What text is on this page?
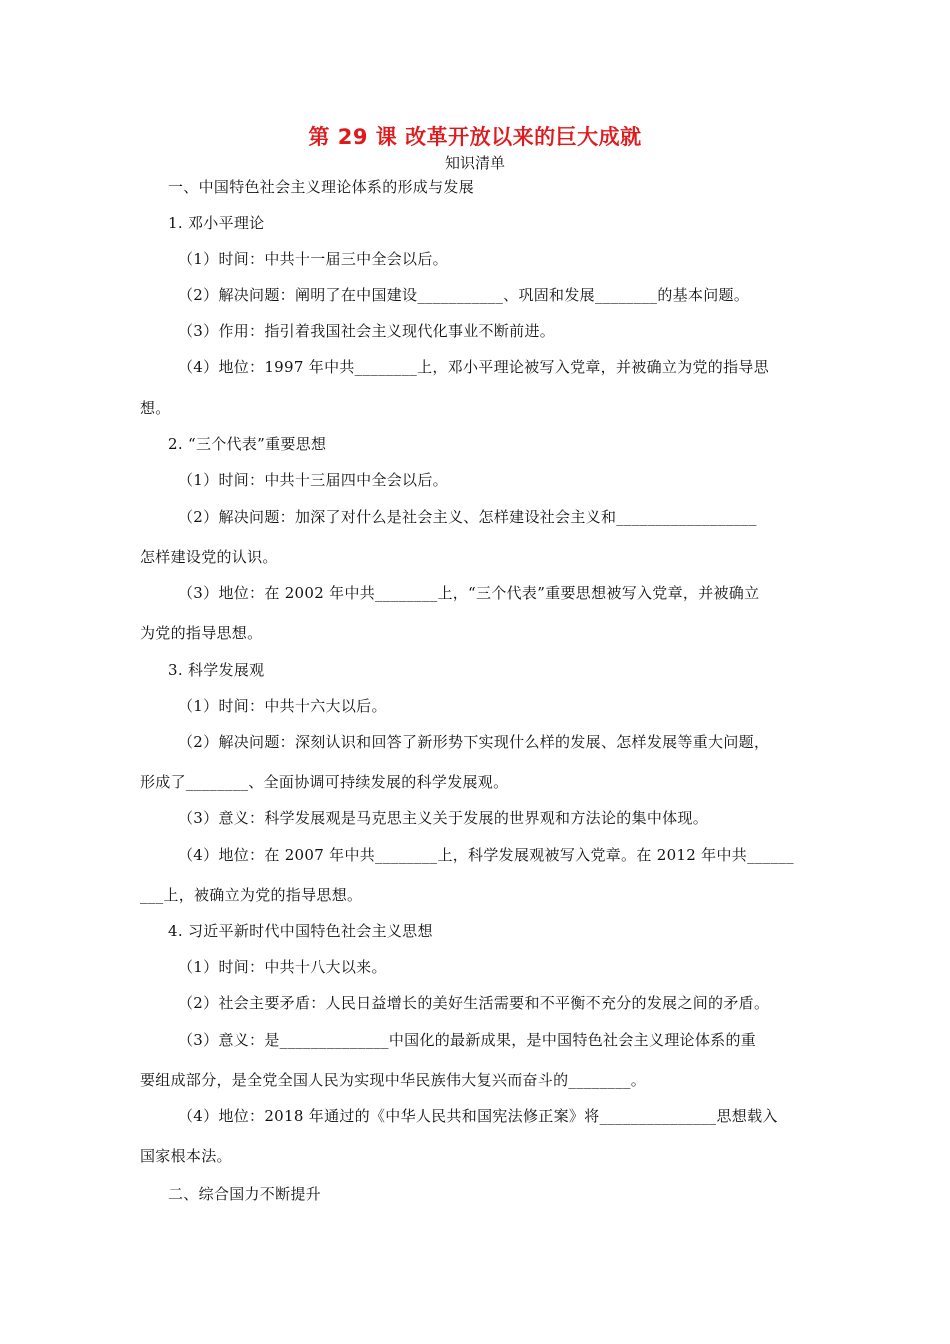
第 29 课 改革开放以来的巨大成就
知识清单
一、中国特色社会主义理论体系的形成与发展
1. 邓小平理论
（1）时间：中共十一届三中全会以后。
（2）解决问题：阐明了在中国建设___________、巩固和发展________的基本问题。
（3）作用：指引着我国社会主义现代化事业不断前进。
（4）地位：1997 年中共________上，邓小平理论被写入党章，并被确立为党的指导思
想。
2. “三个代表”重要思想
（1）时间：中共十三届四中全会以后。
（2）解决问题：加深了对什么是社会主义、怎样建设社会主义和__________________
怎样建设党的认识。
（3）地位：在 2002 年中共________上，“三个代表”重要思想被写入党章，并被确立
为党的指导思想。
3. 科学发展观
（1）时间：中共十六大以后。
（2）解决问题：深刻认识和回答了新形势下实现什么样的发展、怎样发展等重大问题，
形成了________、全面协调可持续发展的科学发展观。
（3）意义：科学发展观是马克思主义关于发展的世界观和方法论的集中体现。
（4）地位：在 2007 年中共________上，科学发展观被写入党章。在 2012 年中共______
___上，被确立为党的指导思想。
4. 习近平新时代中国特色社会主义思想
（1）时间：中共十八大以来。
（2）社会主要矛盾：人民日益增长的美好生活需要和不平衡不充分的发展之间的矛盾。
（3）意义：是______________中国化的最新成果，是中国特色社会主义理论体系的重
要组成部分，是全党全国人民为实现中华民族伟大复兴而奋斗的________。
（4）地位：2018 年通过的《中华人民共和国宪法修正案》将_______________思想载入
国家根本法。
二、综合国力不断提升
